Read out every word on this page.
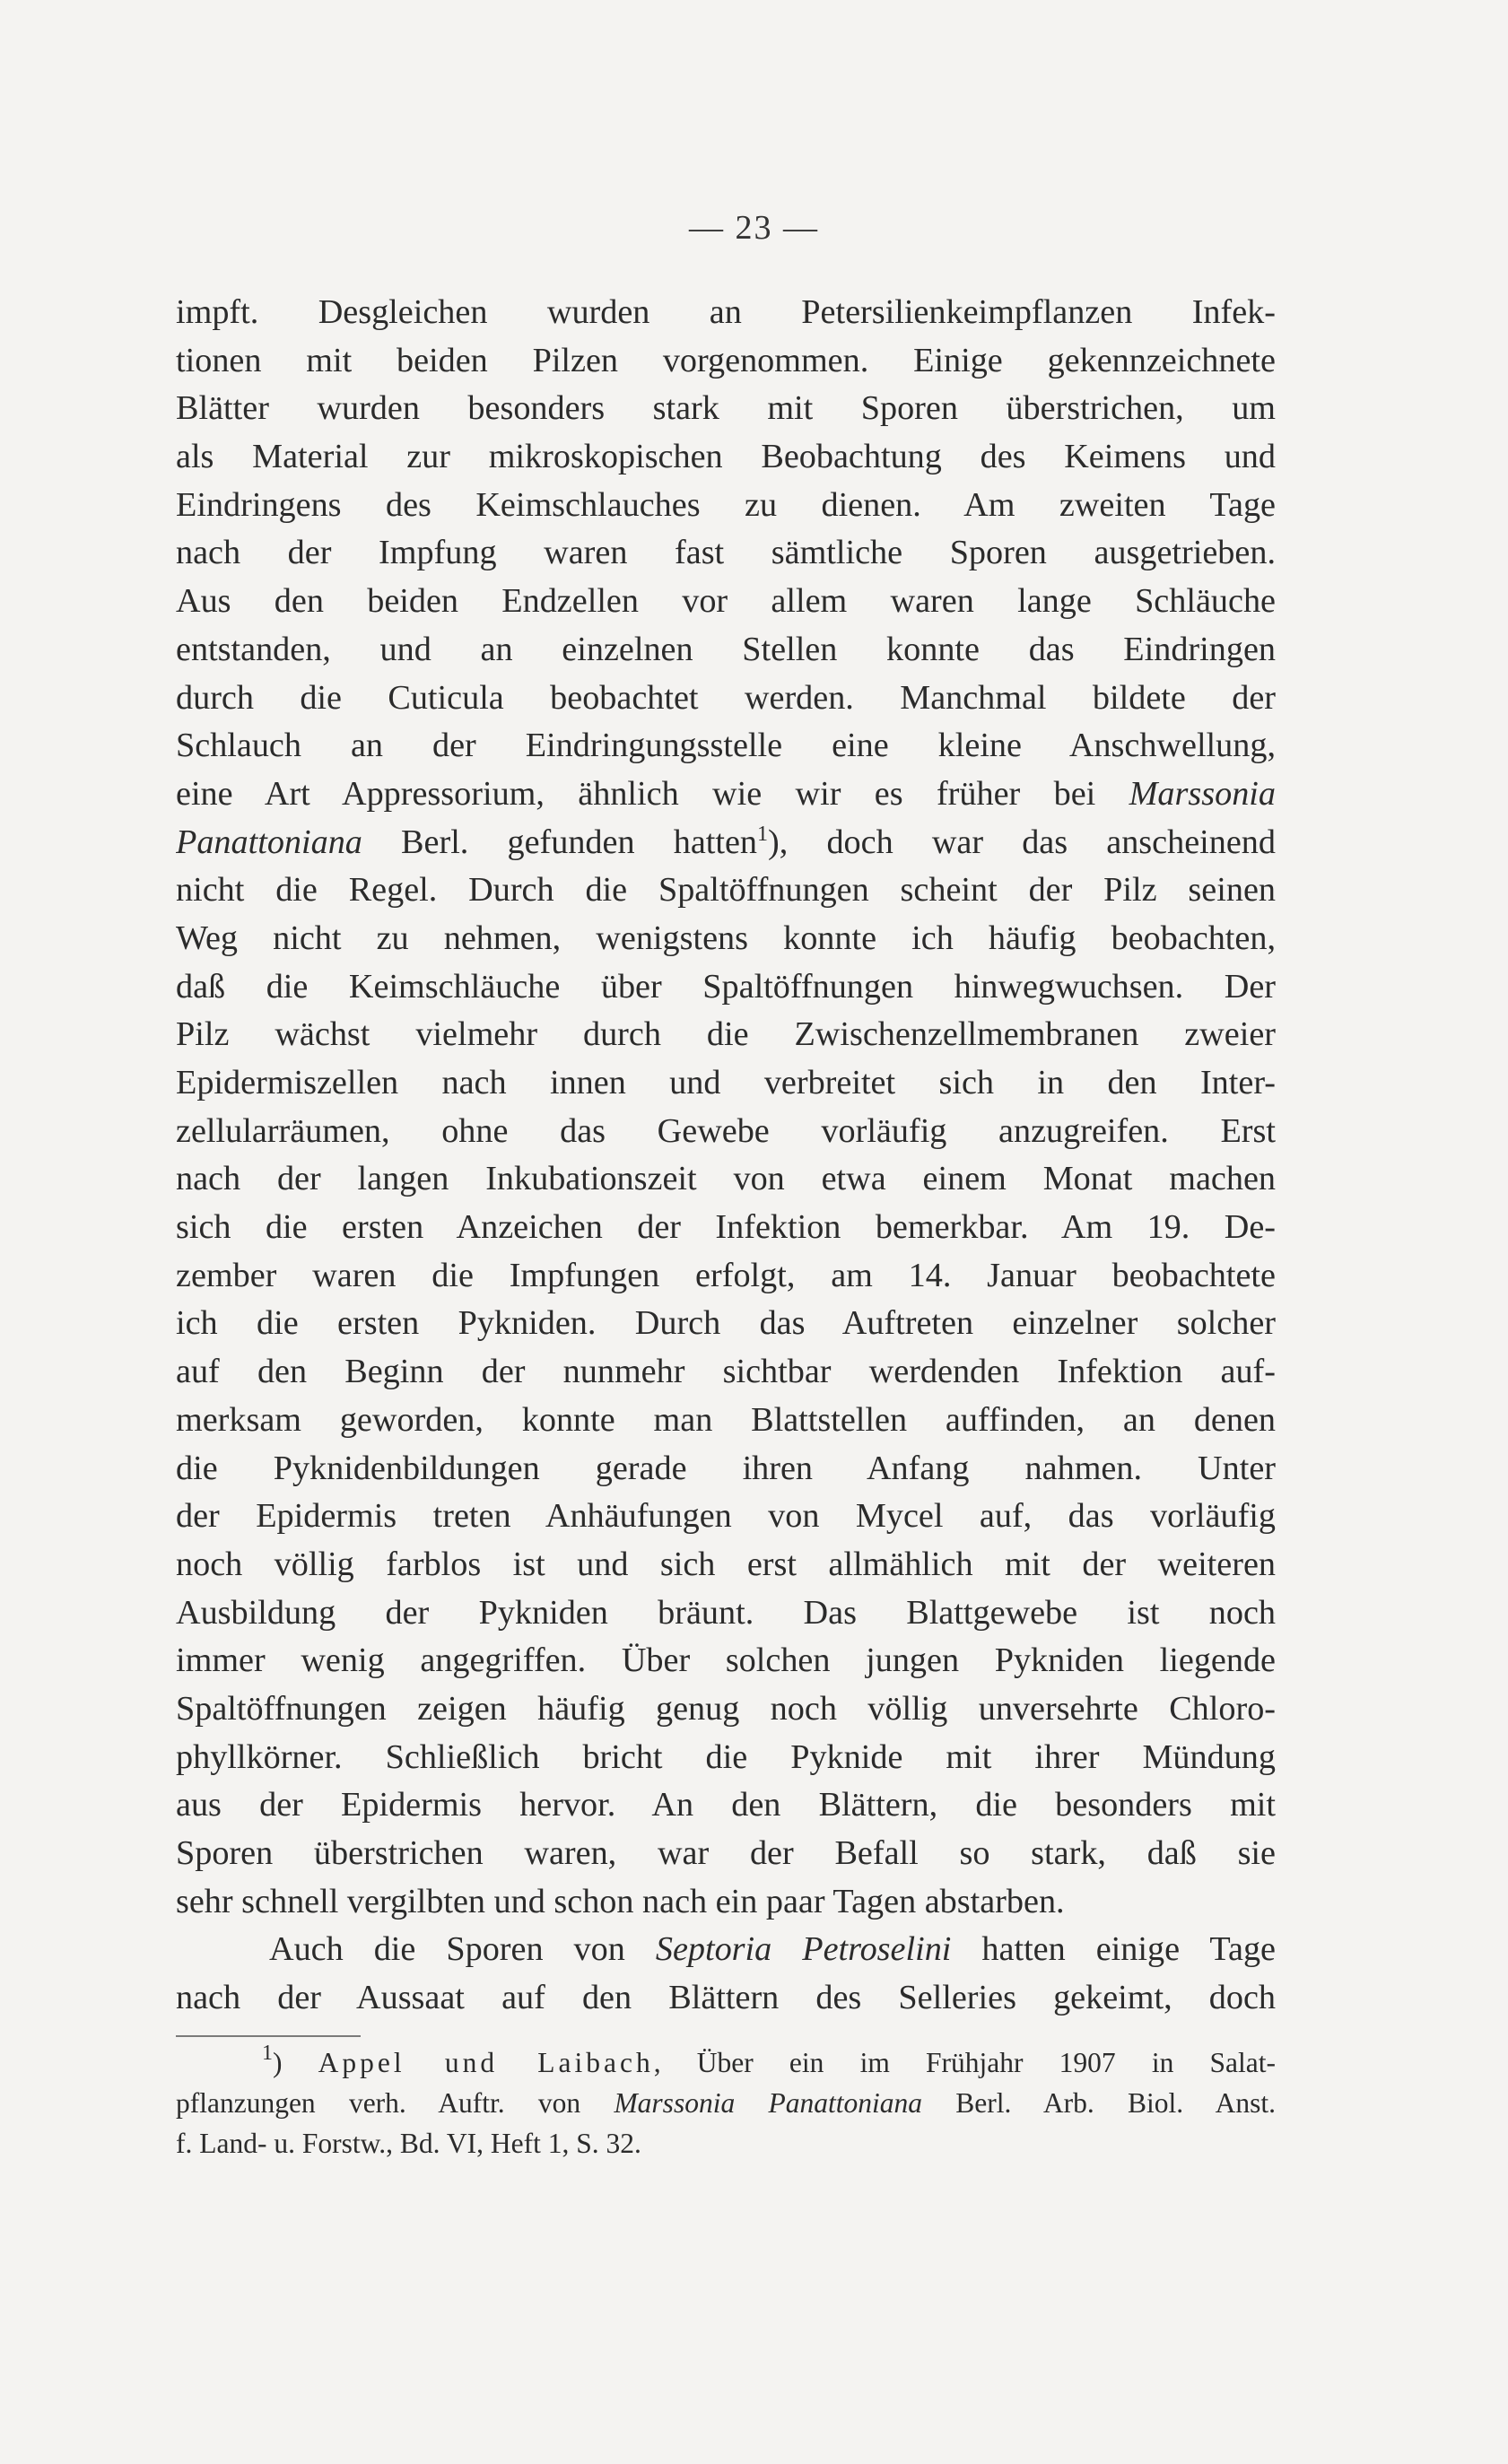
— 23 —
impft. Desgleichen wurden an Petersilienkeimpflanzen Infek-
tionen mit beiden Pilzen vorgenommen. Einige gekennzeichnete
Blätter wurden besonders stark mit Sporen überstrichen, um
als Material zur mikroskopischen Beobachtung des Keimens und
Eindringens des Keimschlauches zu dienen. Am zweiten Tage
nach der Impfung waren fast sämtliche Sporen ausgetrieben.
Aus den beiden Endzellen vor allem waren lange Schläuche
entstanden, und an einzelnen Stellen konnte das Eindringen
durch die Cuticula beobachtet werden. Manchmal bildete der
Schlauch an der Eindringungsstelle eine kleine Anschwellung,
eine Art Appressorium, ähnlich wie wir es früher bei Marssonia
Panattoniana Berl. gefunden hatten$^1$), doch war das anscheinend
nicht die Regel. Durch die Spaltöffnungen scheint der Pilz seinen
Weg nicht zu nehmen, wenigstens konnte ich häufig beobachten,
daß die Keimschläuche über Spaltöffnungen hinwegwuchsen. Der
Pilz wächst vielmehr durch die Zwischenzellmembranen zweier
Epidermiszellen nach innen und verbreitet sich in den Inter-
zellularräumen, ohne das Gewebe vorläufig anzugreifen. Erst
nach der langen Inkubationszeit von etwa einem Monat machen
sich die ersten Anzeichen der Infektion bemerkbar. Am 19. De-
zember waren die Impfungen erfolgt, am 14. Januar beobachtete
ich die ersten Pykniden. Durch das Auftreten einzelner solcher
auf den Beginn der nunmehr sichtbar werdenden Infektion auf-
merksam geworden, konnte man Blattstellen auffinden, an denen
die Pyknidenbildungen gerade ihren Anfang nahmen. Unter
der Epidermis treten Anhäufungen von Mycel auf, das vorläufig
noch völlig farblos ist und sich erst allmählich mit der weiteren
Ausbildung der Pykniden bräunt. Das Blattgewebe ist noch
immer wenig angegriffen. Über solchen jungen Pykniden liegende
Spaltöffnungen zeigen häufig genug noch völlig unversehrte Chloro-
phyllkörner. Schließlich bricht die Pyknide mit ihrer Mündung
aus der Epidermis hervor. An den Blättern, die besonders mit
Sporen überstrichen waren, war der Befall so stark, daß sie
sehr schnell vergilbten und schon nach ein paar Tagen abstarben.
Auch die Sporen von Septoria Petroselini hatten einige Tage
nach der Aussaat auf den Blättern des Selleries gekeimt, doch
$^1$) Appel und Laibach, Über ein im Frühjahr 1907 in Salat-
pflanzungen verh. Auftr. von Marssonia Panattoniana Berl. Arb. Biol. Anst.
f. Land- u. Forstw., Bd. VI, Heft 1, S. 32.
